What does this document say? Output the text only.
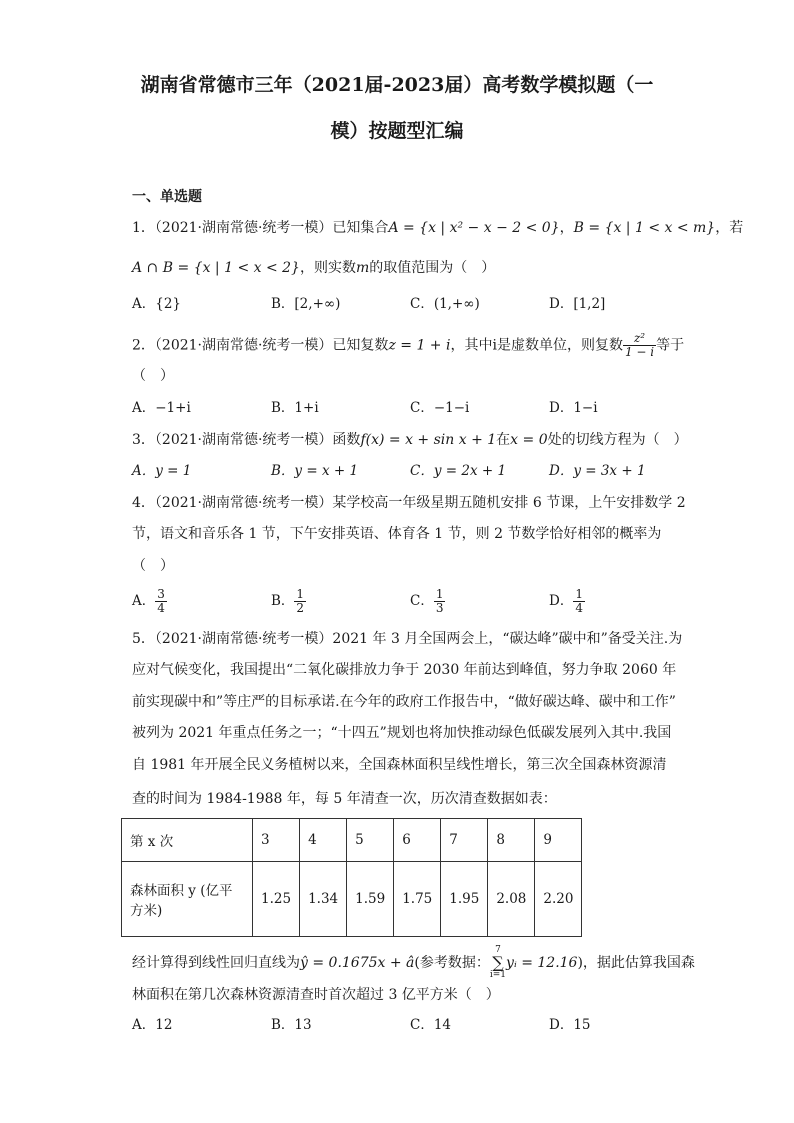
湖南省常德市三年（2021届-2023届）高考数学模拟题（一
模）按题型汇编
一、单选题
1．（2021·湖南常德·统考一模）已知集合A = {x | x² − x − 2 < 0}，B = {x | 1 < x < m}，若
A ∩ B = {x | 1 < x < 2}，则实数m的取值范围为（　）
A．{2}	B．[2,+∞)	C．(1,+∞)	D．[1,2]
2．（2021·湖南常德·统考一模）已知复数z = 1 + i，其中i是虚数单位，则复数 $\frac{\text{z²}}{1 - i}$ 等于
（　）
A．−1+i	B．1+i	C．−1−i	D．1−i
3．（2021·湖南常德·统考一模）函数f(x) = x + sin x + 1在x = 0处的切线方程为（　）
A．y = 1	B．y = x + 1	C．y = 2x + 1	D．y = 3x + 1
4．（2021·湖南常德·统考一模）某学校高一年级星期五随机安排 6 节课，上午安排数学 2
节，语文和音乐各 1 节，下午安排英语、体育各 1 节，则 2 节数学恰好相邻的概率为
（　）
A． $\frac{3}{4}$	B． $\frac{1}{2}$	C． $\frac{1}{3}$	D． $\frac{1}{4}$
5．（2021·湖南常德·统考一模）2021 年 3 月全国两会上，“碳达峰”碳中和”备受关注.为
应对气候变化，我国提出“二氧化碳排放力争于 2030 年前达到峰值，努力争取 2060 年
前实现碳中和”等庄严的目标承诺.在今年的政府工作报告中，“做好碳达峰、碳中和工作”
被列为 2021 年重点任务之一；“十四五”规划也将加快推动绿色低碳发展列入其中.我国
自 1981 年开展全民义务植树以来，全国森林面积呈线性增长，第三次全国森林资源清
查的时间为 1984-1988 年，每 5 年清查一次，历次清查数据如表：
第 x 次	3	4	5	6	7	8	9

森林面积 y (亿平
方米)	1.25	1.34	1.59	1.75	1.95	2.08	2.20
经计算得到线性回归直线为ŷ = 0.1675x + â(参考数据：7
∑
i=1yᵢ = 12.16)，据此估算我国森
林面积在第几次森林资源清查时首次超过 3 亿平方米（　）
A．12	B．13	C．14	D．15
